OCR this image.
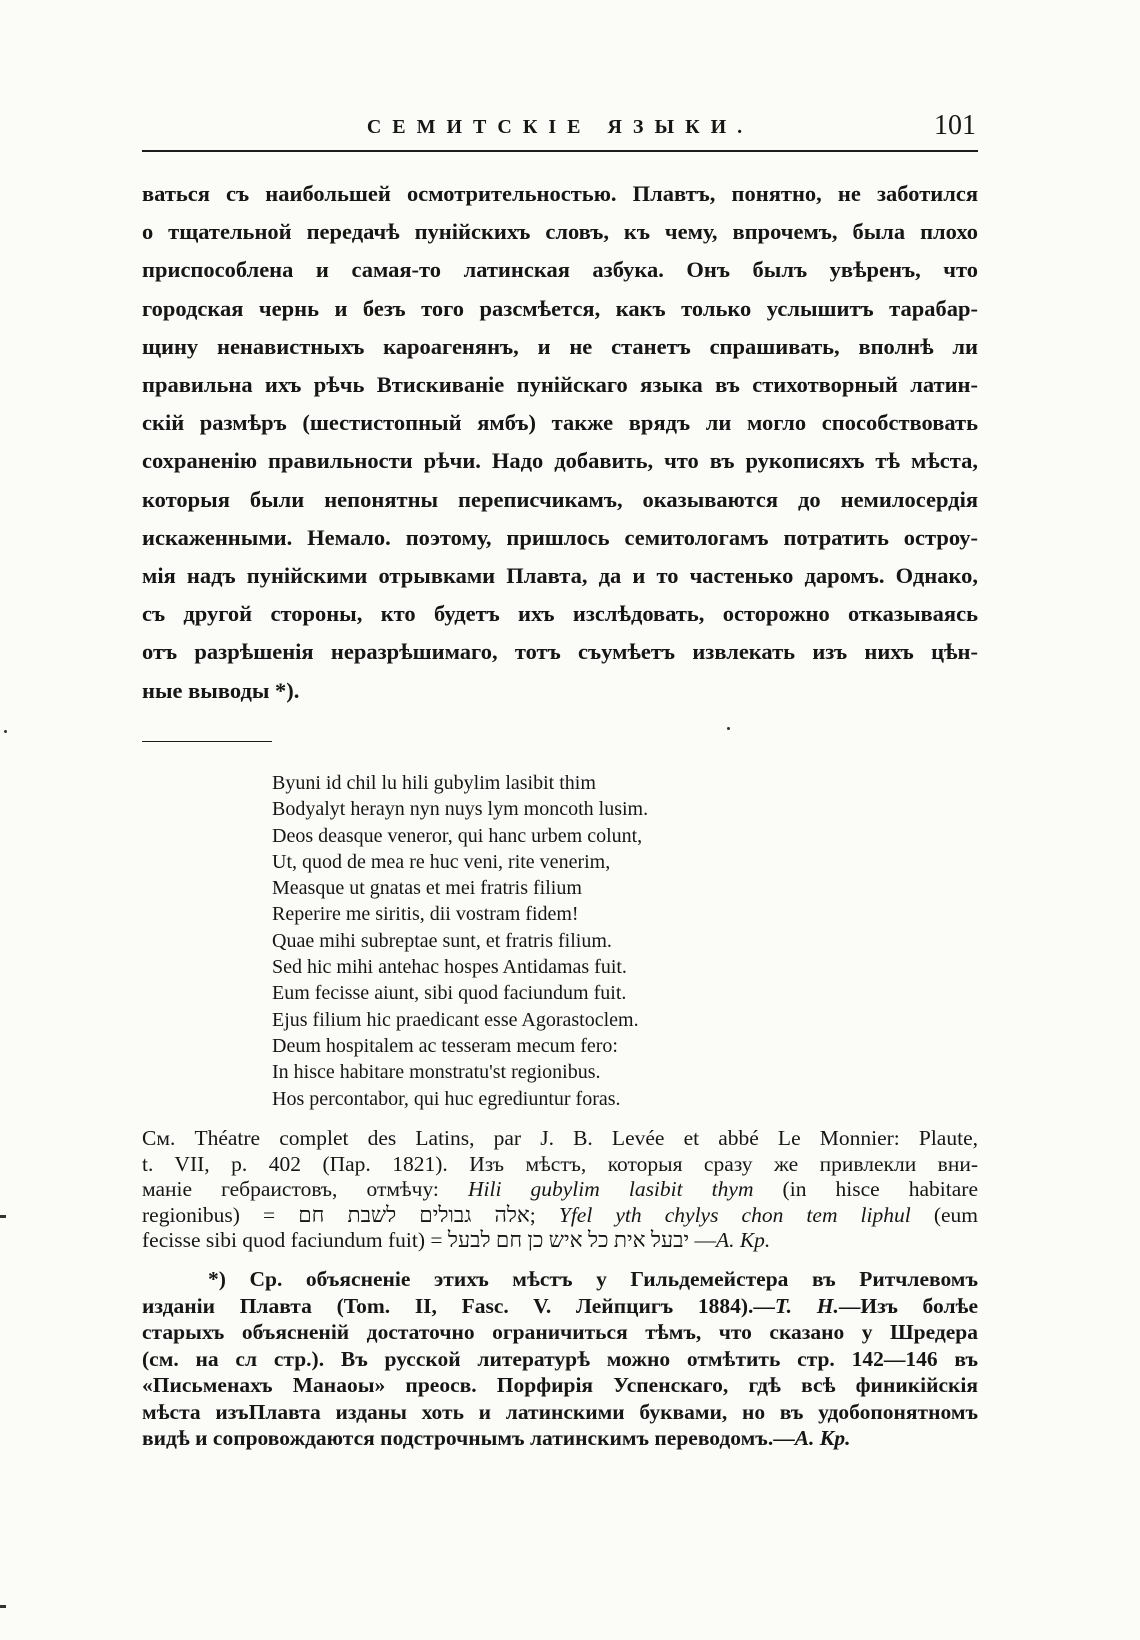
СЕМИТСКІЕ ЯЗЫКИ.	101
ваться съ наибольшей осмотрительностью. Плавтъ, понятно, не заботился
о тщательной передачѣ пунійскихъ словъ, къ чему, впрочемъ, была плохо
приспособлена и самая-то латинская азбука. Онъ былъ увѣренъ, что
городская чернь и безъ того разсмѣется, какъ только услышитъ тарабар-
щину ненавистныхъ кароагенянъ, и не станетъ спрашивать, вполнѣ ли
правильна ихъ рѣчь Втискиваніе пунійскаго языка въ стихотворный латин-
скій размѣръ (шестистопный ямбъ) также врядъ ли могло способствовать
сохраненію правильности рѣчи. Надо добавить, что въ рукописяхъ тѣ мѣста,
которыя были непонятны переписчикамъ, оказываются до немилосердія
искаженными. Немало. поэтому, пришлось семитологамъ потратить остроу-
мія надъ пунійскими отрывками Плавта, да и то частенько даромъ. Однако,
съ другой стороны, кто будетъ ихъ изслѣдовать, осторожно отказываясь
отъ разрѣшенія неразрѣшимаго, тотъ съумѣетъ извлекать изъ нихъ цѣн-
ные выводы *).
Byuni id chil lu hili gubylim lasibit thim
Bodyalyt herayn nyn nuys lym moncoth lusim.
Deos deasque veneror, qui hanc urbem colunt,
Ut, quod de mea re huc veni, rite venerim,
Measque ut gnatas et mei fratris filium
Reperire me siritis, dii vostram fidem!
Quae mihi subreptae sunt, et fratris filium.
Sed hic mihi antehac hospes Antidamas fuit.
Eum fecisse aiunt, sibi quod faciundum fuit.
Ejus filium hic praedicant esse Agorastoclem.
Deum hospitalem ac tesseram mecum fero:
In hisce habitare monstratu'st regionibus.
Hos percontabor, qui huc egrediuntur foras.
См. Théatre complet des Latins, par J. B. Levée et abbé Le Monnier: Plaute,
t. VII, p. 402 (Пар. 1821). Изъ мѣстъ, которыя сразу же привлекли вни-
маніе гебраистовъ, отмѣчу: Hili gubylim lasibit thym (in hisce habitare
regionibus) = אלה גבולים לשבת חם; Yfel yth chylys chon tem liphul (eum
fecisse sibi quod faciundum fuit) = יבעל אית כל איש כן חם לבעל —А. Кр.
*) Ср. объясненіе этихъ мѣстъ у Гильдемейстера въ Ритчлевомъ
изданіи Плавта (Tom. II, Fasc. V. Лейпцигъ 1884).—Т. Н.—Изъ болѣе
старыхъ объясненій достаточно ограничиться тѣмъ, что сказано у Шредера
(см. на сл стр.). Въ русской литературѣ можно отмѣтить стр. 142—146 въ
«Письменахъ Манаоы» преосв. Порфирія Успенскаго, гдѣ всѣ финикійскія
мѣста изъПлавта изданы хоть и латинскими буквами, но въ удобопонятномъ
видѣ и сопровождаются подстрочнымъ латинскимъ переводомъ.—А. Кр.
